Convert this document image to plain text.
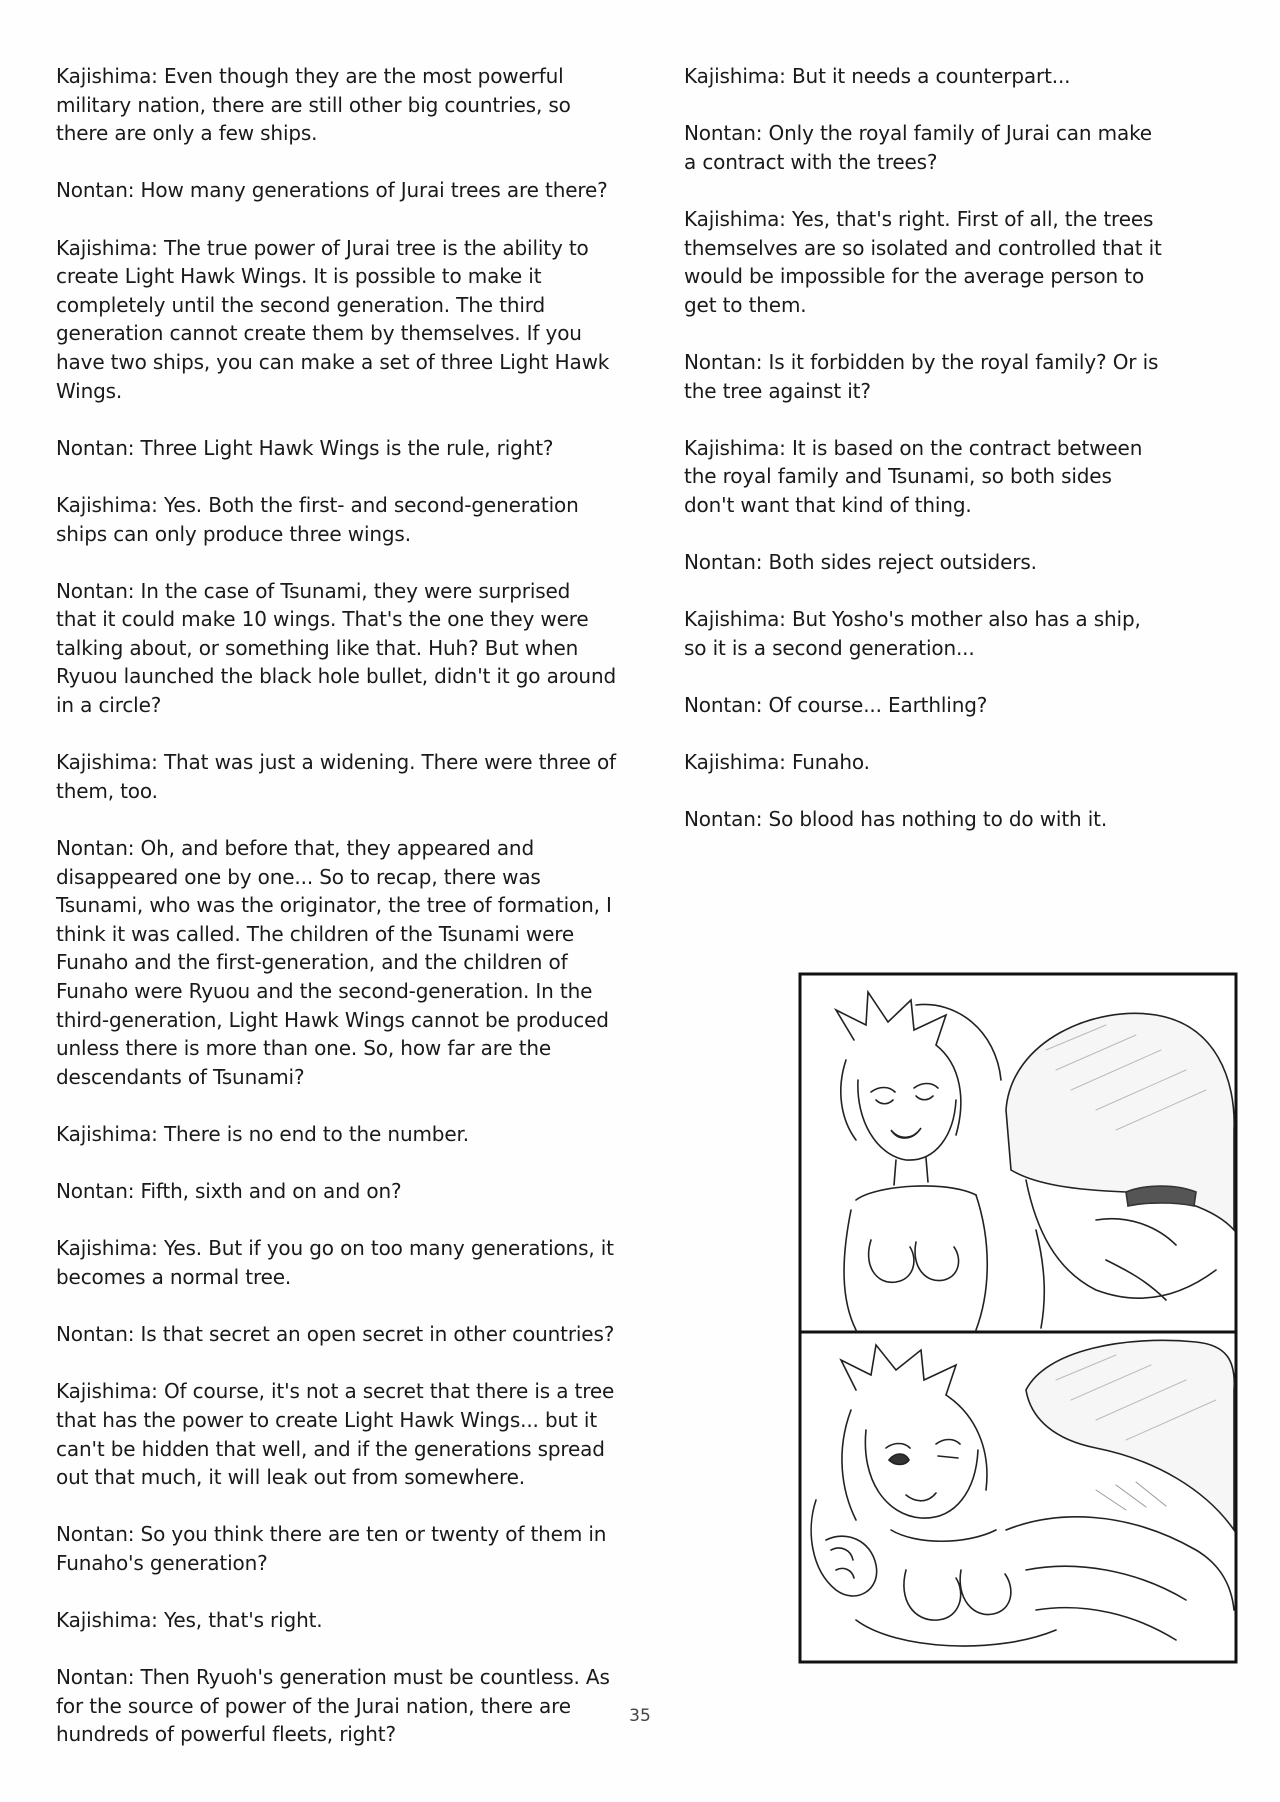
Kajishima: Even though they are the most powerful military nation, there are still other big countries, so there are only a few ships.

Nontan: How many generations of Jurai trees are there?

Kajishima: The true power of Jurai tree is the ability to create Light Hawk Wings. It is possible to make it completely until the second generation. The third generation cannot create them by themselves. If you have two ships, you can make a set of three Light Hawk Wings.

Nontan: Three Light Hawk Wings is the rule, right?

Kajishima: Yes. Both the first- and second-generation ships can only produce three wings.

Nontan: In the case of Tsunami, they were surprised that it could make 10 wings. That's the one they were talking about, or something like that. Huh? But when Ryuou launched the black hole bullet, didn't it go around in a circle?

Kajishima: That was just a widening. There were three of them, too.

Nontan: Oh, and before that, they appeared and disappeared one by one... So to recap, there was Tsunami, who was the originator, the tree of formation, I think it was called. The children of the Tsunami were Funaho and the first-generation, and the children of Funaho were Ryuou and the second-generation. In the third-generation, Light Hawk Wings cannot be produced unless there is more than one. So, how far are the descendants of Tsunami?

Kajishima: There is no end to the number.

Nontan: Fifth, sixth and on and on?

Kajishima: Yes. But if you go on too many generations, it becomes a normal tree.

Nontan: Is that secret an open secret in other countries?

Kajishima: Of course, it's not a secret that there is a tree that has the power to create Light Hawk Wings... but it can't be hidden that well, and if the generations spread out that much, it will leak out from somewhere.

Nontan: So you think there are ten or twenty of them in Funaho's generation?

Kajishima: Yes, that's right.

Nontan: Then Ryuoh's generation must be countless. As for the source of power of the Jurai nation, there are hundreds of powerful fleets, right?

Kajishima: But it needs a counterpart...

Nontan: Only the royal family of Jurai can make a contract with the trees?

Kajishima: Yes, that's right. First of all, the trees themselves are so isolated and controlled that it would be impossible for the average person to get to them.

Nontan: Is it forbidden by the royal family? Or is the tree against it?

Kajishima: It is based on the contract between the royal family and Tsunami, so both sides don't want that kind of thing.

Nontan: Both sides reject outsiders.

Kajishima: But Yosho's mother also has a ship, so it is a second generation...

Nontan: Of course... Earthling?

Kajishima: Funaho.

Nontan: So blood has nothing to do with it.

35
